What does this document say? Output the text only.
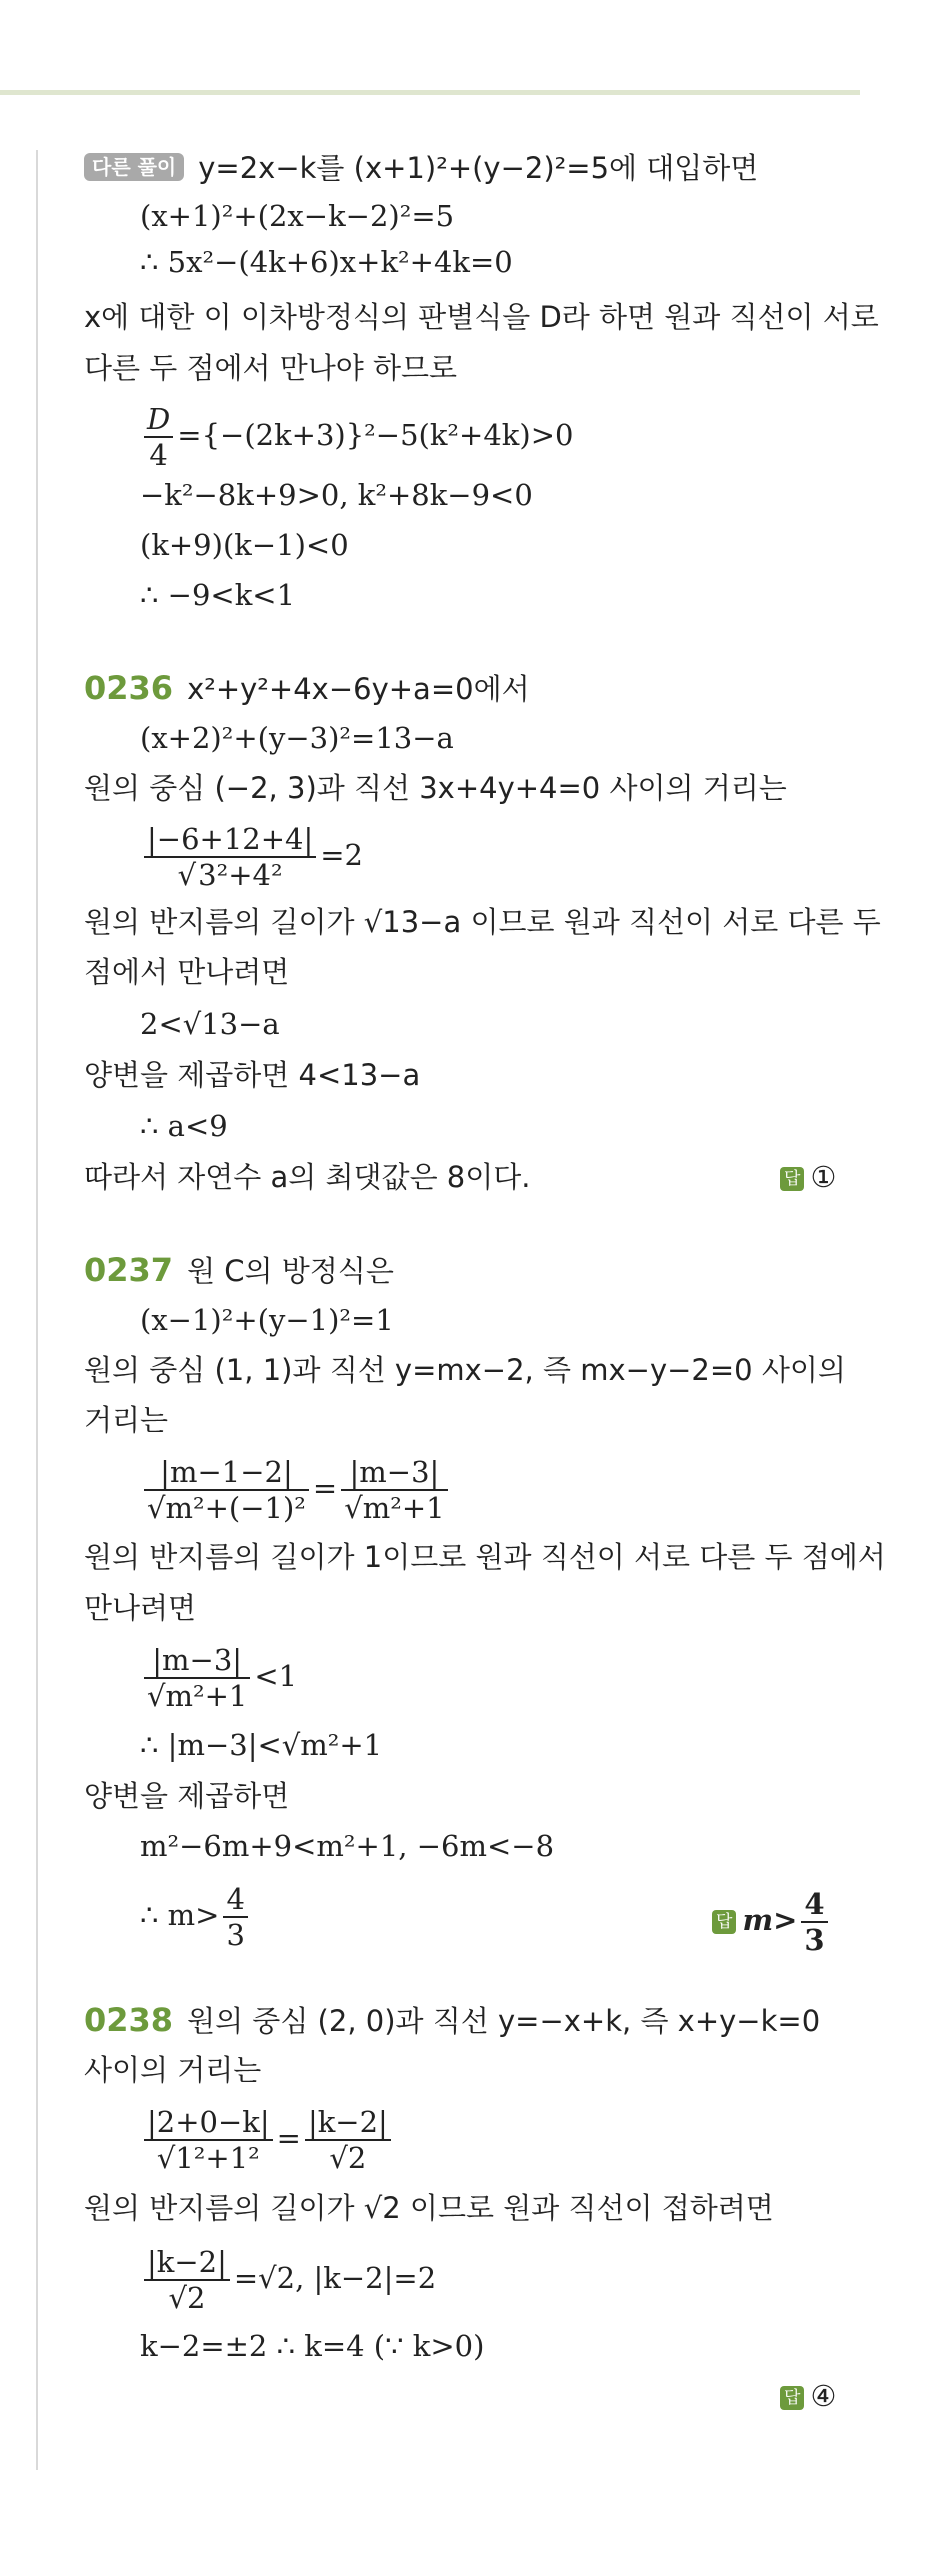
다른 풀이 y=2x−k를 (x+1)²+(y−2)²=5에 대입하면
(x+1)²+(2x−k−2)²=5
∴ 5x²−(4k+6)x+k²+4k=0
x에 대한 이 이차방정식의 판별식을 D라 하면 원과 직선이 서로
다른 두 점에서 만나야 하므로
$\frac{D}{4} =\{-(2k+3)\}^2-5(k^2+4k)>0$
−k²−8k+9>0, k²+8k−9<0
(k+9)(k−1)<0
∴ −9<k<1
0236 x²+y²+4x−6y+a=0에서
(x+2)²+(y−3)²=13−a
원의 중심 (−2, 3)과 직선 3x+4y+4=0 사이의 거리는
$\frac{|-6+12+4|}{\text{√3²+4²}} =2$
원의 반지름의 길이가 √13−a 이므로 원과 직선이 서로 다른 두
점에서 만나려면
2<√13−a
양변을 제곱하면 4<13−a
∴ a<9
따라서 자연수 a의 최댓값은 8이다.	답 ①
0237 원 C의 방정식은
(x−1)²+(y−1)²=1
원의 중심 (1, 1)과 직선 y=mx−2, 즉 mx−y−2=0 사이의
거리는
$\frac{|m-1-2|}{\text{√m²+(−1)²}} = \frac{|m-3|}{\text{√m²+1}}$
원의 반지름의 길이가 1이므로 원과 직선이 서로 다른 두 점에서
만나려면
$\frac{|m-3|}{\text{√m²+1}} <1$
∴ |m−3|<√m²+1
양변을 제곱하면
m²−6m+9<m²+1, −6m<−8
∴ $m> \frac{4}{3}$	답 $m> \frac{4}{3}$
0238 원의 중심 (2, 0)과 직선 y=−x+k, 즉 x+y−k=0
사이의 거리는
$\frac{|2+0-k|}{\text{√1²+1²}} = \frac{|k-2|}{√2}$
원의 반지름의 길이가 √2 이므로 원과 직선이 접하려면
$\frac{|k-2|}{√2} =√2$, |k−2|=2
k−2=±2 ∴ k=4 (∵ k>0)
답 ④
